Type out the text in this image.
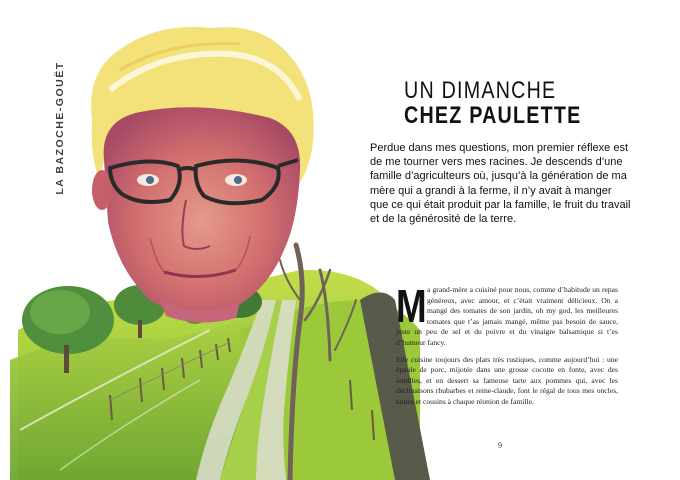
LA BAZOCHE-GOUËT	UN DIMANCHE
CHEZ PAULETTE

Perdue dans mes questions, mon premier réflexe est de me tourner vers mes racines. Je descends d’une famille d’agriculteurs où, jusqu’à la génération de ma mère qui a grandi à la ferme, il n’y avait à manger que ce qui était produit par la famille, le fruit du travail et de la générosité de la terre.

Ma grand-mère a cuisiné pour nous, comme d’habitude un repas généreux, avec amour, et c’était vraiment délicieux. On a mangé des tomates de son jardin, oh my god, les meilleures tomates que t’as jamais mangé, même pas besoin de sauce, juste un peu de sel et du poivre et du vinaigre balsamique si t’es d’humeur fancy.

Elle cuisine toujours des plats très rustiques, comme aujourd’hui : une épaule de porc, mijotée dans une grosse cocotte en fonte, avec des lentilles, et en dessert sa fameuse tarte aux pommes qui, avec les déclinaisons rhubarbes et reine-claude, font le régal de tous mes oncles, tantes et cousins à chaque réunion de famille.

9
